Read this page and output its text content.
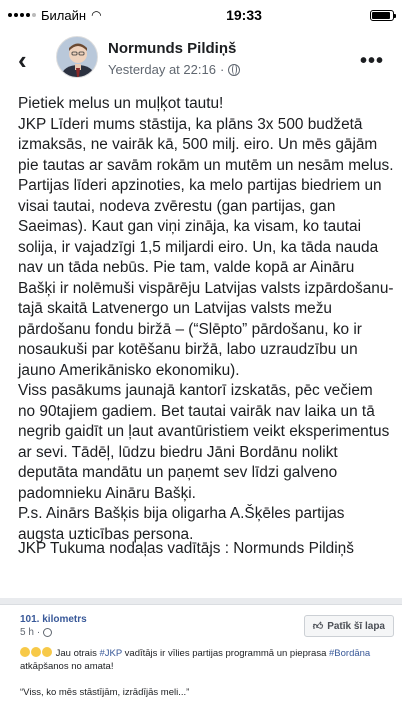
Билайн ◠	19:33
‹	Normunds Pildiņš
Yesterday at 22:16 ·	•••

Pietiek melus un muļķot tautu!
JKP Līderi mums stāstija, ka plāns 3x 500 budžetā izmaksās, ne vairāk kā, 500 milj. eiro. Un mēs gājām pie tautas ar savām rokām un mutēm un nesām melus. Partijas līderi apzinoties, ka melo partijas biedriem un visai tautai, nodeva zvērestu (gan partijas, gan Saeimas). Kaut gan viņi zināja, ka visam, ko tautai solija, ir vajadzīgi 1,5 miljardi eiro. Un, ka tāda nauda nav un tāda nebūs. Pie tam, valde kopā ar Aināru Bašķi ir nolēmuši vispārēju Latvijas valsts izpārdošanu- tajā skaitā Latvenergo un Latvijas valsts mežu pārdošanu fondu biržā – (“Slēpto” pārdošanu, ko ir nosaukuši par kotēšanu biržā, labo uzraudzību un jauno Amerikānisko ekonomiku).
Viss pasākums jaunajā kantorī izskatās, pēc večiem no 90tajiem gadiem. Bet tautai vairāk nav laika un tā negrib gaidīt un ļaut avantūristiem veikt eksperimentus ar sevi. Tādēļ, lūdzu biedru Jāni Bordānu nolikt deputāta mandātu un paņemt sev līdzi galveno padomnieku Aināru Bašķi.
P.s. Ainārs Bašķis bija oligarha A.Šķēles partijas augsta uzticības persona.

JKP Tukuma nodaļas vadītājs : Normunds Pildiņš
101. kilometrs
5 h ·
👍︎ Patīk šī lapa
Jau otrais #JKP vadītājs ir vīlies partijas programmā un pieprasa #Bordāna atkāpšanos no amata!
“Viss, ko mēs stāstījām, izrādījās meli...”
